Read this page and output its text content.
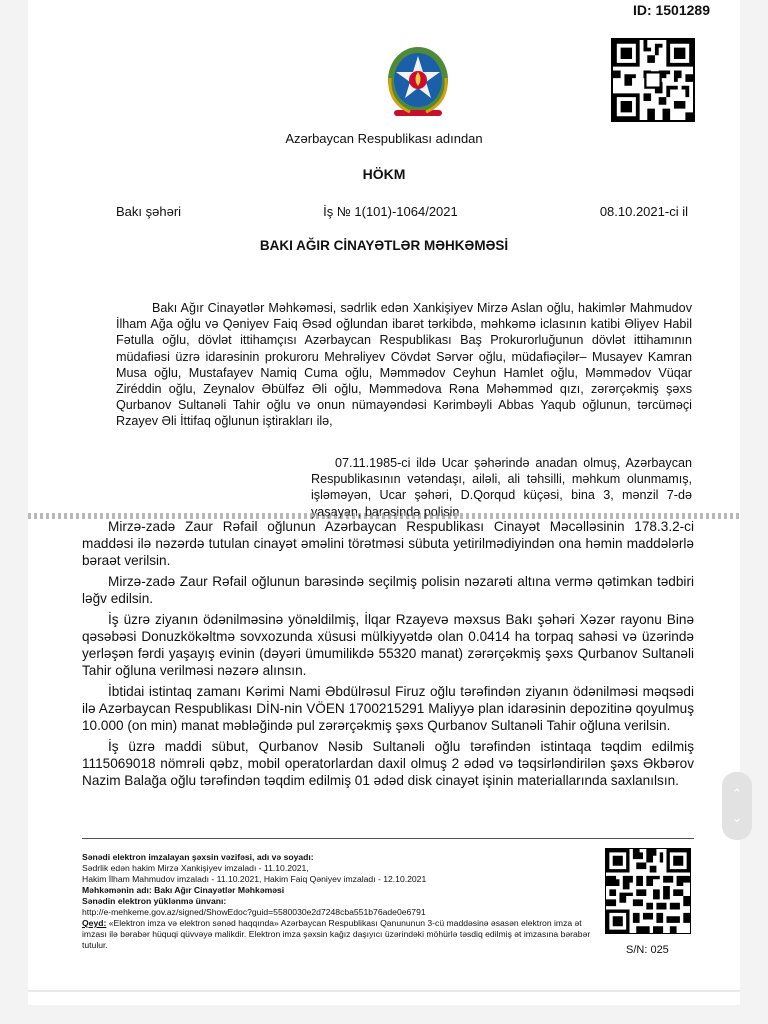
ID: 1501289
Azərbaycan Respublikası adından
HÖKM
Bakı şəhəri	İş № 1(101)-1064/2021	08.10.2021-ci il
BAKI AĞIR CİNAYƏTLƏR MƏHKƏMƏSİ
Bakı Ağır Cinayətlər Məhkəməsi, sədrlik edən Xankişiyev Mirzə Aslan oğlu, hakimlər Mahmudov İlham Ağa oğlu və Qəniyev Faiq Əsəd oğlundan ibarət tərkibdə, məhkəmə iclasının katibi Əliyev Habil Fətulla oğlu, dövlət ittihamçısı Azərbaycan Respublikası Baş Prokurorluğunun dövlət ittihamının müdafiəsi üzrə idarəsinin prokuroru Mehrəliyev Cövdət Sərvər oğlu, müdafiəçilər– Musayev Kamran Musa oğlu, Mustafayev Namiq Cuma oğlu, Məmmədov Ceyhun Hamlet oğlu, Məmmədov Vüqar Ziréddin oğlu, Zeynalov Əbülfəz Əli oğlu, Məmmədova Rəna Məhəmməd qızı, zərərçəkmiş şəxs Qurbanov Sultanəli Tahir oğlu və onun nümayəndəsi Kərimbəyli Abbas Yaqub oğlunun, tərcüməçi Rzayev Əli İttifaq oğlunun iştirakları ilə,
07.11.1985-ci ildə Ucar şəhərində anadan olmuş, Azərbaycan Respublikasının vətəndaşı, ailəli, ali təhsilli, məhkum olunmamış, işləməyən, Ucar şəhəri, D.Qorqud küçəsi, bina 3, mənzil 7-də yaşayan, barəsində polisin

Mirzə-zadə Zaur Rəfail oğlunun Azərbaycan Respublikası Cinayət Məcəlləsinin 178.3.2-ci maddəsi ilə nəzərdə tutulan cinayət əməlini törətməsi sübuta yetirilmədiyindən ona həmin maddələrlə bəraət verilsin.

Mirzə-zadə Zaur Rəfail oğlunun barəsində seçilmiş polisin nəzarəti altına vermə qətimkan tədbiri ləğv edilsin.

İş üzrə ziyanın ödənilməsinə yönəldilmiş, İlqar Rzayevə məxsus Bakı şəhəri Xəzər rayonu Binə qəsəbəsi Donuzkökəltmə sovxozunda xüsusi mülkiyyətdə olan 0.0414 ha torpaq sahəsi və üzərində yerləşən fərdi yaşayış evinin (dəyəri ümumilikdə 55320 manat) zərərçəkmiş şəxs Qurbanov Sultanəli Tahir oğluna verilməsi nəzərə alınsın.

İbtidai istintaq zamanı Kərimi Nami Əbdülrəsul Firuz oğlu tərəfindən ziyanın ödənilməsi məqsədi ilə Azərbaycan Respublikası DİN-nin VÖEN 1700215291 Maliyyə plan idarəsinin depozitinə qoyulmuş 10.000 (on min) manat məbləğində pul zərərçəkmiş şəxs Qurbanov Sultanəli Tahir oğluna verilsin.

İş üzrə maddi sübut, Qurbanov Nəsib Sultanəli oğlu tərəfindən istintaqa təqdim edilmiş 1115069018 nömrəli qəbz, mobil operatorlardan daxil olmuş 2 ədəd və təqsirləndirilən şəxs Əkbərov Nazim Balağa oğlu tərəfindən təqdim edilmiş 01 ədəd disk cinayət işinin materiallarında saxlanılsın.

Sənədi elektron imzalayan şəxsin vəzifəsi, adı və soyadı:
Sədrlik edən hakim Mirzə Xankişiyev imzaladı - 11.10.2021,
Hakim İlham Mahmudov imzaladı - 11.10.2021, Hakim Faiq Qəniyev imzaladı - 12.10.2021
Məhkəmənin adı: Bakı Ağır Cinayətlər Məhkəməsi
Sənədin elektron yüklənmə ünvanı:
http://e-mehkeme.gov.az/signed/ShowEdoc?guid=5580030e2d7248cba551b76ade0e6791
Qeyd: «Elektron imza və elektron sənəd haqqında» Azərbaycan Respublikası Qanununun 3-cü maddəsinə əsasən elektron imza ət imzası ilə bərabər hüquqi qüvvəyə malikdir. Elektron imza şəxsin kağız daşıyıcı üzərindəki möhürlə təsdiq edilmiş ət imzasına bərabər tutulur.	S/N: 025
⌃
⌄
